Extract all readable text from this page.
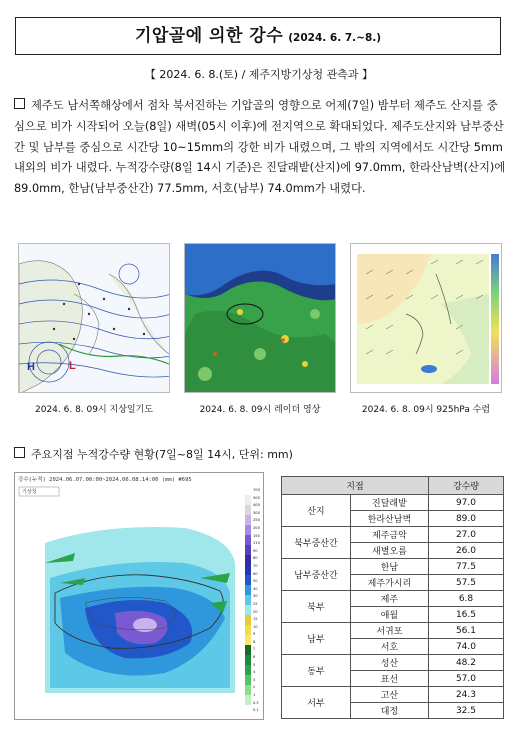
기압골에 의한 강수 (2024. 6. 7.~8.)
【 2024. 6. 8.(토) / 제주지방기상청 관측과 】
제주도 남서쪽해상에서 점차 북서진하는 기압골의 영향으로 어제(7일) 밤부터 제주도 산지를 중심으로 비가 시작되어 오늘(8일) 새벽(05시 이후)에 전지역으로 확대되었다. 제주도산지와 남부중산간 및 남부를 중심으로 시간당 10~15mm의 강한 비가 내렸으며, 그 밖의 지역에서도 시간당 5mm내외의 비가 내렸다. 누적강수량(8일 14시 기준)은 진달래밭(산지)에 97.0mm, 한라산남벽(산지)에 89.0mm, 한남(남부중산간) 77.5mm, 서호(남부) 74.0mm가 내렸다.
H	L
2024. 6. 8. 09시 지상일기도	2024. 6. 8. 09시 레이더 영상	2024. 6. 8. 09시 925hPa 수렴
주요지점 누적강수량 현황(7일~8일 14시, 단위: mm)
강수(누적) 2024.06.07.00:00~2024.06.08.14:00 (mm) #695
700
500
400
300
250
200
150
110
90
80
70
60
50
40
30
25
20
15
10
9
8
7
6
5
4
3
2
1
0.5
0.1
기상청	지점		강수량
산지	진달래밭	97.0
	한라산남벽	89.0
북부중산간	제주금악	27.0
	새별오름	26.0
남부중산간	한남	77.5
	제주가시리	57.5
북부	제주	6.8
	애월	16.5
남부	서귀포	56.1
	서호	74.0
동부	성산	48.2
	표선	57.0
서부	고산	24.3
	대정	32.5
